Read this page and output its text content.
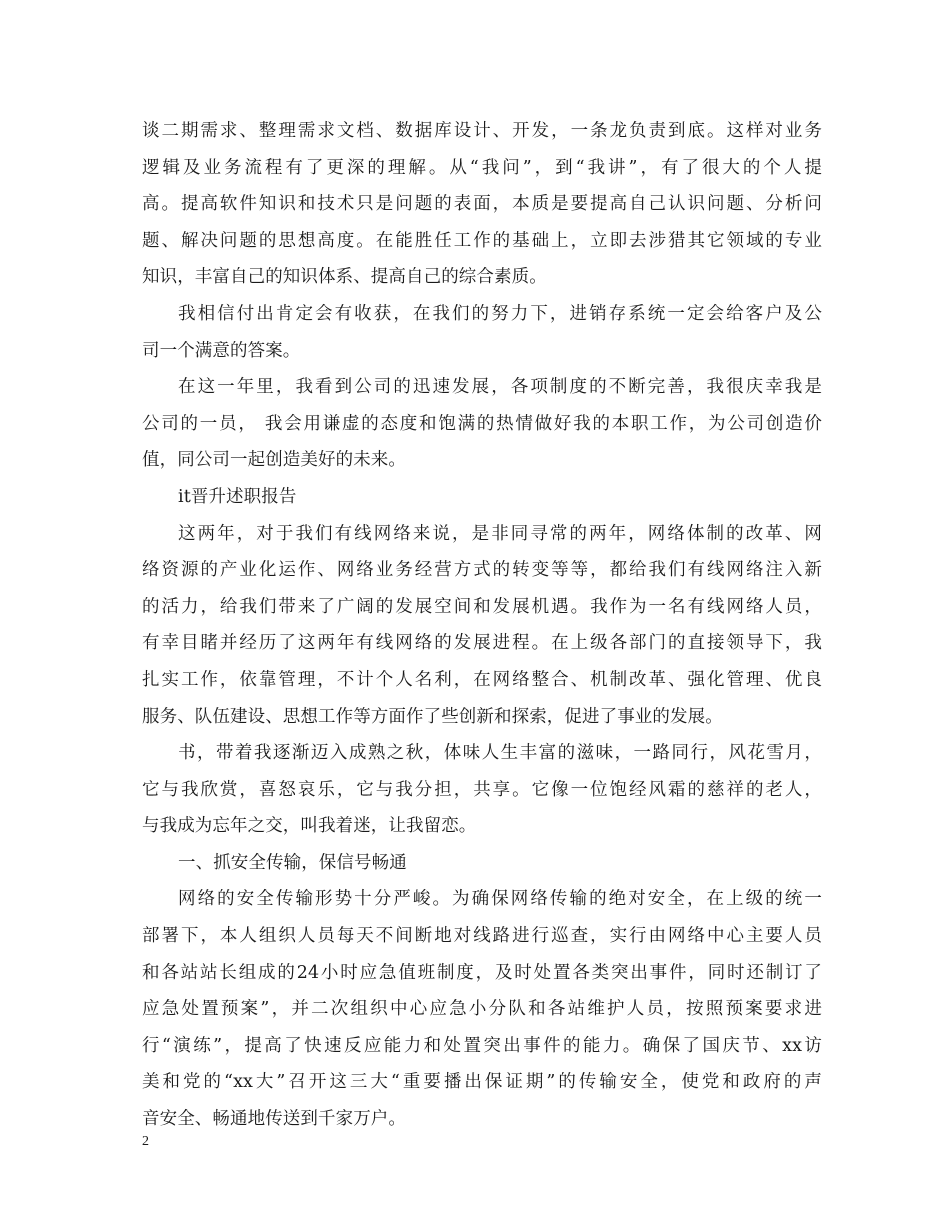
谈二期需求、整理需求文档、数据库设计、开发，一条龙负责到底。这样对业务
逻辑及业务流程有了更深的理解。从“我问”，到“我讲”，有了很大的个人提
高。提高软件知识和技术只是问题的表面，本质是要提高自己认识问题、分析问
题、解决问题的思想高度。在能胜任工作的基础上，立即去涉猎其它领域的专业
知识，丰富自己的知识体系、提高自己的综合素质。
我相信付出肯定会有收获，在我们的努力下，进销存系统一定会给客户及公
司一个满意的答案。
在这一年里，我看到公司的迅速发展，各项制度的不断完善，我很庆幸我是
公司的一员， 我会用谦虚的态度和饱满的热情做好我的本职工作，为公司创造价
值，同公司一起创造美好的未来。
it晋升述职报告
这两年，对于我们有线网络来说，是非同寻常的两年，网络体制的改革、网
络资源的产业化运作、网络业务经营方式的转变等等，都给我们有线网络注入新
的活力，给我们带来了广阔的发展空间和发展机遇。我作为一名有线网络人员，
有幸目睹并经历了这两年有线网络的发展进程。在上级各部门的直接领导下，我
扎实工作，依靠管理，不计个人名利，在网络整合、机制改革、强化管理、优良
服务、队伍建设、思想工作等方面作了些创新和探索，促进了事业的发展。
书，带着我逐渐迈入成熟之秋，体味人生丰富的滋味，一路同行，风花雪月，
它与我欣赏，喜怒哀乐，它与我分担，共享。它像一位饱经风霜的慈祥的老人，
与我成为忘年之交，叫我着迷，让我留恋。
一、抓安全传输，保信号畅通
网络的安全传输形势十分严峻。为确保网络传输的绝对安全，在上级的统一
部署下，本人组织人员每天不间断地对线路进行巡查，实行由网络中心主要人员
和各站站长组成的24小时应急值班制度，及时处置各类突出事件，同时还制订了
应急处置预案”，并二次组织中心应急小分队和各站维护人员，按照预案要求进
行“演练”，提高了快速反应能力和处置突出事件的能力。确保了国庆节、xx访
美和党的“xx大”召开这三大“重要播出保证期”的传输安全，使党和政府的声
音安全、畅通地传送到千家万户。
2
